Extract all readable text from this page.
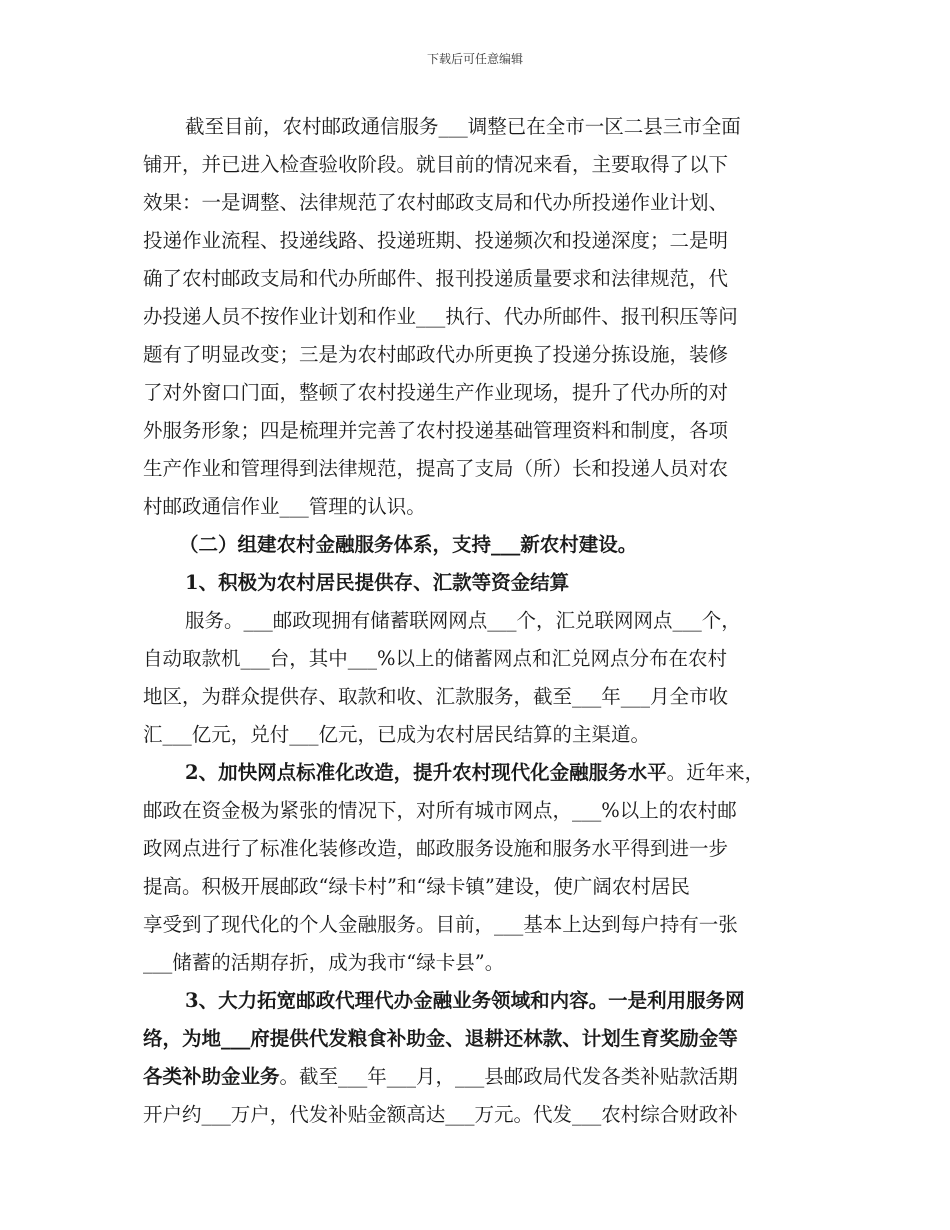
下载后可任意编辑
截至目前，农村邮政通信服务___调整已在全市一区二县三市全面
铺开，并已进入检查验收阶段。就目前的情况来看，主要取得了以下
效果：一是调整、法律规范了农村邮政支局和代办所投递作业计划、
投递作业流程、投递线路、投递班期、投递频次和投递深度；二是明
确了农村邮政支局和代办所邮件、报刊投递质量要求和法律规范，代
办投递人员不按作业计划和作业___执行、代办所邮件、报刊积压等问
题有了明显改变；三是为农村邮政代办所更换了投递分拣设施，装修
了对外窗口门面，整顿了农村投递生产作业现场，提升了代办所的对
外服务形象；四是梳理并完善了农村投递基础管理资料和制度，各项
生产作业和管理得到法律规范，提高了支局（所）长和投递人员对农
村邮政通信作业___管理的认识。
（二）组建农村金融服务体系，支持___新农村建设。
1、积极为农村居民提供存、汇款等资金结算
服务。___邮政现拥有储蓄联网网点___个，汇兑联网网点___个，
自动取款机___台，其中___%以上的储蓄网点和汇兑网点分布在农村
地区，为群众提供存、取款和收、汇款服务，截至___年___月全市收
汇___亿元，兑付___亿元，已成为农村居民结算的主渠道。
2、加快网点标准化改造，提升农村现代化金融服务水平。近年来，
邮政在资金极为紧张的情况下，对所有城市网点，___%以上的农村邮
政网点进行了标准化装修改造，邮政服务设施和服务水平得到进一步
提高。积极开展邮政“绿卡村”和“绿卡镇”建设，使广阔农村居民
享受到了现代化的个人金融服务。目前，___基本上达到每户持有一张
___储蓄的活期存折，成为我市“绿卡县”。
3、大力拓宽邮政代理代办金融业务领域和内容。一是利用服务网
络，为地___府提供代发粮食补助金、退耕还林款、计划生育奖励金等
各类补助金业务。截至___年___月，___县邮政局代发各类补贴款活期
开户约___万户，代发补贴金额高达___万元。代发___农村综合财政补
